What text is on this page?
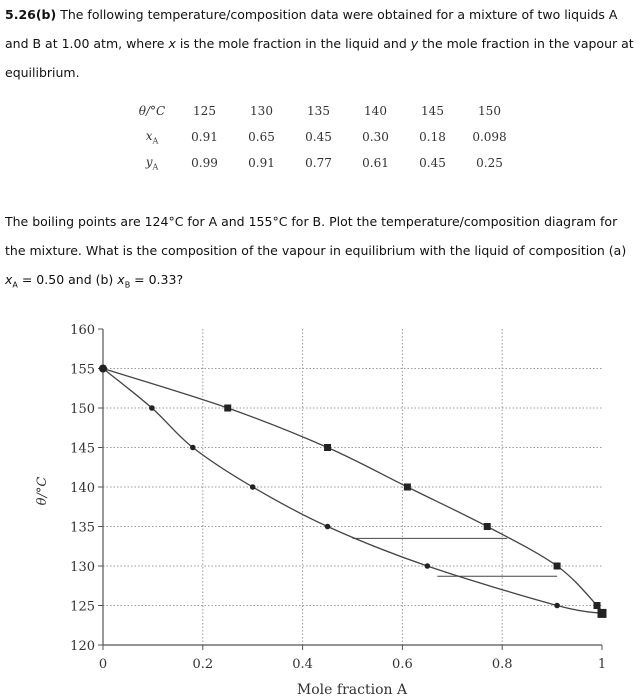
5.26(b) The following temperature/composition data were obtained for a mixture of two liquids A and B at 1.00 atm, where x is the mole fraction in the liquid and y the mole fraction in the vapour at equilibrium.
θ/°C	125	130	135	140	145	150
$x_A$	0.91	0.65	0.45	0.30	0.18	0.098
$y_A$	0.99	0.91	0.77	0.61	0.45	0.25
The boiling points are 124°C for A and 155°C for B. Plot the temperature/composition diagram for the mixture. What is the composition of the vapour in equilibrium with the liquid of composition (a) $x_A = 0.50$ and (b) $x_B = 0.33$?
120
125
130
135
140
145
150
155
160
0	0.2	0.4	0.6	0.8	1
Mole fraction A
θ/°C
